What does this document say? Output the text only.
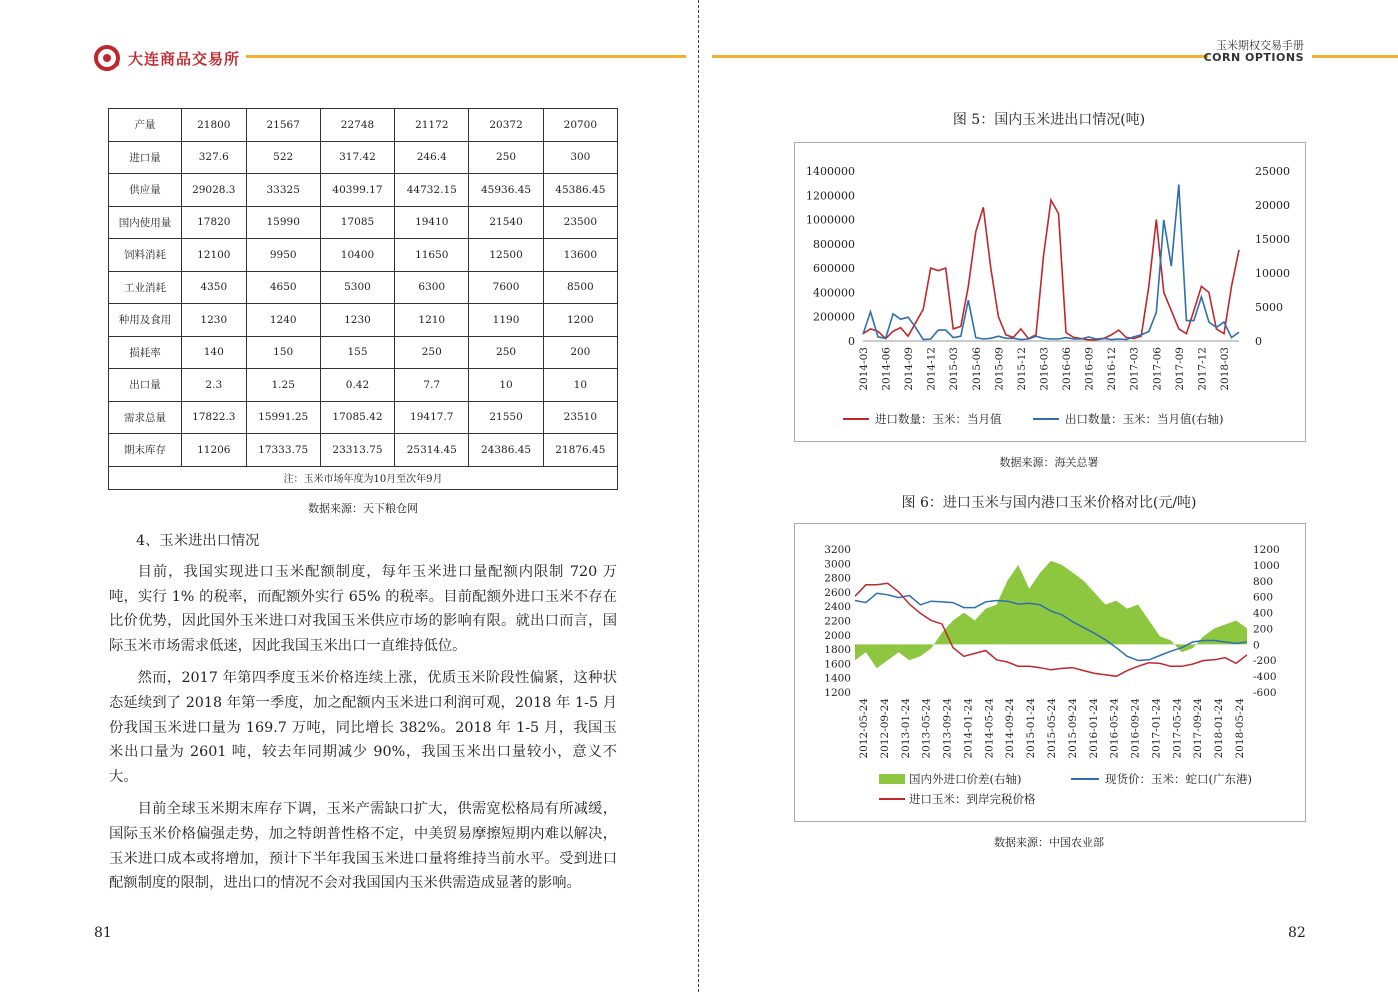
大连商品交易所
玉米期权交易手册
CORN OPTIONS
产量	21800	21567	22748	21172	20372	20700
进口量	327.6	522	317.42	246.4	250	300
供应量	29028.3	33325	40399.17	44732.15	45936.45	45386.45
国内使用量	17820	15990	17085	19410	21540	23500
饲料消耗	12100	9950	10400	11650	12500	13600
工业消耗	4350	4650	5300	6300	7600	8500
种用及食用	1230	1240	1230	1210	1190	1200
损耗率	140	150	155	250	250	200
出口量	2.3	1.25	0.42	7.7	10	10
需求总量	17822.3	15991.25	17085.42	19417.7	21550	23510
期末库存	11206	17333.75	23313.75	25314.45	24386.45	21876.45
注：玉米市场年度为10月至次年9月						
数据来源：天下粮仓网
4、玉米进出口情况

目前，我国实现进口玉米配额制度，每年玉米进口量配额内限制 720 万吨，实行 1% 的税率，而配额外实行 65% 的税率。目前配额外进口玉米不存在比价优势，因此国外玉米进口对我国玉米供应市场的影响有限。就出口而言，国际玉米市场需求低迷，因此我国玉米出口一直维持低位。

然而，2017 年第四季度玉米价格连续上涨，优质玉米阶段性偏紧，这种状态延续到了 2018 年第一季度，加之配额内玉米进口利润可观，2018 年 1-5 月份我国玉米进口量为 169.7 万吨，同比增长 382%。2018 年 1-5 月，我国玉米出口量为 2601 吨，较去年同期减少 90%，我国玉米出口量较小，意义不大。

目前全球玉米期末库存下调，玉米产需缺口扩大，供需宽松格局有所减缓，国际玉米价格偏强走势，加之特朗普性格不定，中美贸易摩擦短期内难以解决，玉米进口成本或将增加，预计下半年我国玉米进口量将维持当前水平。受到进口配额制度的限制，进出口的情况不会对我国国内玉米供需造成显著的影响。

81	82
图 5：国内玉米进出口情况(吨)
0
200000
400000
600000
800000
1000000
1200000
1400000
0
5000
10000
15000
20000
25000
2014-03 2014-06 2014-09 2014-12 2015-03 2015-06 2015-09 2015-12 2016-03 2016-06 2016-09 2016-12 2017-03 2017-06 2017-09 2017-12 2018-03
进口数量：玉米：当月值	出口数量：玉米：当月值(右轴)
数据来源：海关总署
图 6：进口玉米与国内港口玉米价格对比(元/吨)
1200
1400
1600
1800
2000
2200
2400
2600
2800
3000
3200
-600
-400
-200
0
200
400
600
800
1000
1200
2012-05-24 2012-09-24 2013-01-24 2013-05-24 2013-09-24 2014-01-24 2014-05-24 2014-09-24 2015-01-24 2015-05-24 2015-09-24 2016-01-24 2016-05-24 2016-09-24 2017-01-24 2017-05-24 2017-09-24 2018-01-24 2018-05-24
国内外进口价差(右轴)	现货价：玉米：蛇口(广东港)
进口玉米：到岸完税价格
数据来源：中国农业部
